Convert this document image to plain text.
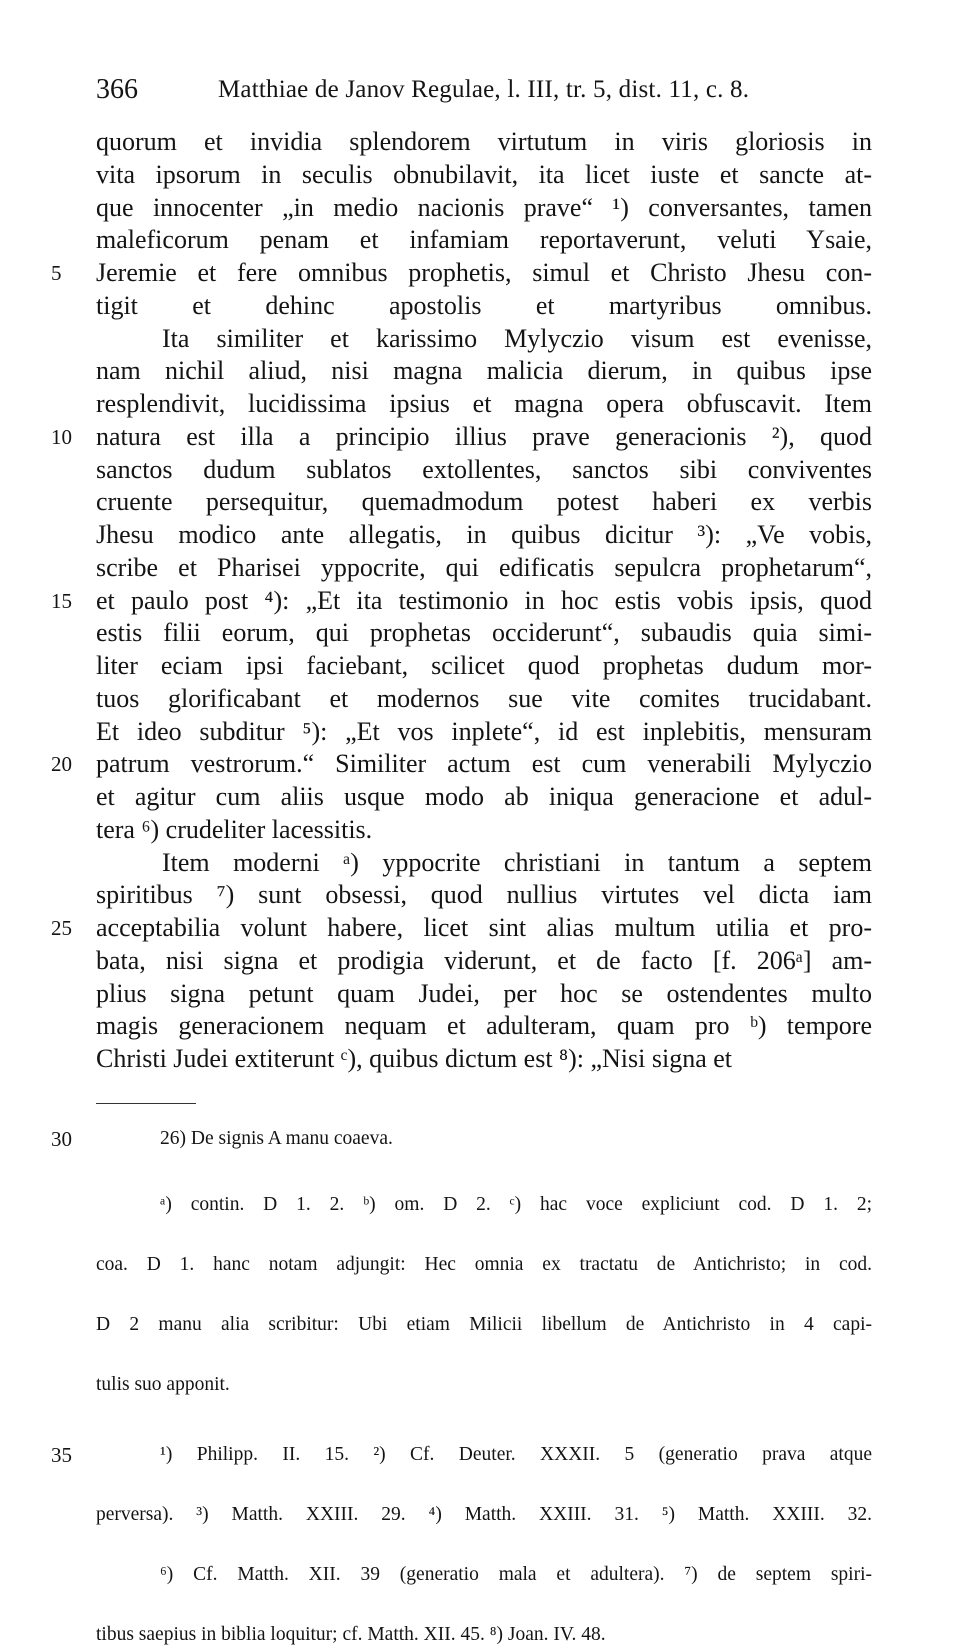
366	Matthiae de Janov Regulae, l. III, tr. 5, dist. 11, c. 8.
quorum et invidia splendorem virtutum in viris gloriosis in
vita ipsorum in seculis obnubilavit, ita licet iuste et sancte at-
que innocenter „in medio nacionis prave“ ¹) conversantes, tamen
maleficorum penam et infamiam reportaverunt, veluti Ysaie,
5	Jeremie et fere omnibus prophetis, simul et Christo Jhesu con-
tigit et dehinc apostolis et martyribus omnibus.
Ita similiter et karissimo Mylyczio visum est evenisse,
nam nichil aliud, nisi magna malicia dierum, in quibus ipse
resplendivit, lucidissima ipsius et magna opera obfuscavit. Item
10 natura est illa a principio illius prave generacionis ²), quod
sanctos dudum sublatos extollentes, sanctos sibi conviventes
cruente persequitur, quemadmodum potest haberi ex verbis
Jhesu modico ante allegatis, in quibus dicitur ³): „Ve vobis,
scribe et Pharisei yppocrite, qui edificatis sepulcra prophetarum“,
15 et paulo post ⁴): „Et ita testimonio in hoc estis vobis ipsis, quod
estis filii eorum, qui prophetas occiderunt“, subaudis quia simi-
liter eciam ipsi faciebant, scilicet quod prophetas dudum mor-
tuos glorificabant et modernos sue vite comites trucidabant.
Et ideo subditur ⁵): „Et vos inplete“, id est inplebitis, mensuram
20 patrum vestrorum.“ Similiter actum est cum venerabili Mylyczio
et agitur cum aliis usque modo ab iniqua generacione et adul-
tera ⁶) crudeliter lacessitis.
Item moderni ᵃ) yppocrite christiani in tantum a septem
spiritibus ⁷) sunt obsessi, quod nullius virtutes vel dicta iam
25 acceptabilia volunt habere, licet sint alias multum utilia et pro-
bata, nisi signa et prodigia viderunt, et de facto [f. 206ᵃ] am-
plius signa petunt quam Judei, per hoc se ostendentes multo
magis generacionem nequam et adulteram, quam pro ᵇ) tempore
Christi Judei extiterunt ᶜ), quibus dictum est ⁸): „Nisi signa et
30	26) De signis A manu coaeva.
ᵃ) contin. D 1. 2. ᵇ) om. D 2. ᶜ) hac voce expliciunt cod. D 1. 2;
coa. D 1. hanc notam adjungit: Hec omnia ex tractatu de Antichristo; in cod.
D 2 manu alia scribitur: Ubi etiam Milicii libellum de Antichristo in 4 capi-
tulis suo apponit.
35	¹) Philipp. II. 15. ²) Cf. Deuter. XXXII. 5 (generatio prava atque
perversa). ³) Matth. XXIII. 29. ⁴) Matth. XXIII. 31. ⁵) Matth. XXIII. 32.
⁶) Cf. Matth. XII. 39 (generatio mala et adultera). ⁷) de septem spiri-
tibus saepius in biblia loquitur; cf. Matth. XII. 45. ⁸) Joan. IV. 48.
